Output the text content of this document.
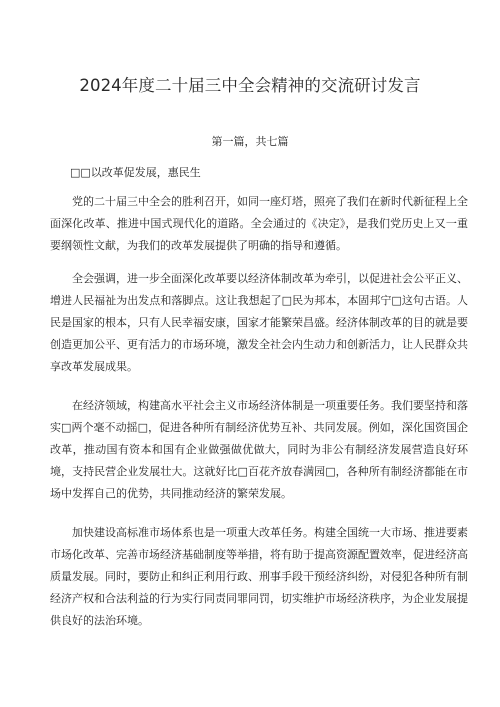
2024年度二十届三中全会精神的交流研讨发言
第一篇，共七篇
□□以改革促发展，惠民生

党的二十届三中全会的胜利召开，如同一座灯塔，照亮了我们在新时代新征程上全面深化改革、推进中国式现代化的道路。全会通过的《决定》，是我们党历史上又一重要纲领性文献，为我们的改革发展提供了明确的指导和遵循。

全会强调，进一步全面深化改革要以经济体制改革为牵引，以促进社会公平正义、增进人民福祉为出发点和落脚点。这让我想起了□民为邦本，本固邦宁□这句古语。人民是国家的根本，只有人民幸福安康，国家才能繁荣昌盛。经济体制改革的目的就是要创造更加公平、更有活力的市场环境，激发全社会内生动力和创新活力，让人民群众共享改革发展成果。

在经济领域，构建高水平社会主义市场经济体制是一项重要任务。我们要坚持和落实□两个毫不动摇□，促进各种所有制经济优势互补、共同发展。例如，深化国资国企改革，推动国有资本和国有企业做强做优做大，同时为非公有制经济发展营造良好环境，支持民营企业发展壮大。这就好比□百花齐放春满园□，各种所有制经济都能在市场中发挥自己的优势，共同推动经济的繁荣发展。

加快建设高标准市场体系也是一项重大改革任务。构建全国统一大市场、推进要素市场化改革、完善市场经济基础制度等举措，将有助于提高资源配置效率，促进经济高质量发展。同时，要防止和纠正利用行政、刑事手段干预经济纠纷，对侵犯各种所有制经济产权和合法利益的行为实行同责同罪同罚，切实维护市场经济秩序，为企业发展提供良好的法治环境。
